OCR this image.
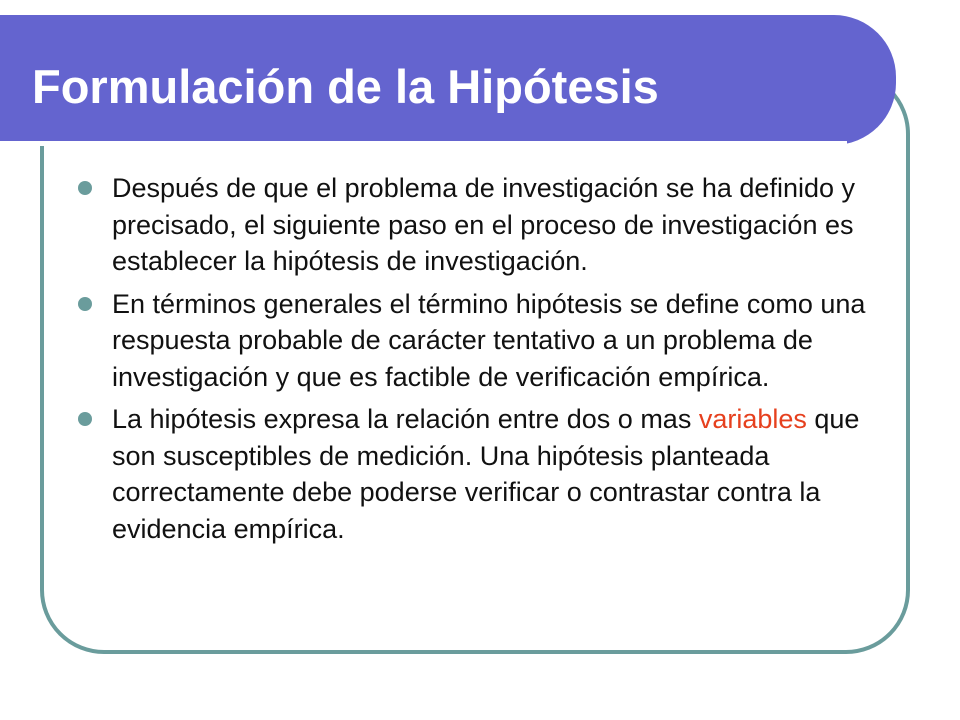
Formulación de la Hipótesis
Después de que el problema de investigación se ha definido y precisado, el siguiente paso en el proceso de investigación es establecer la hipótesis de investigación.
En términos generales el término hipótesis se define como una respuesta probable de carácter tentativo a un problema de investigación y que es factible de verificación empírica.
La hipótesis expresa la relación entre dos o mas variables que son susceptibles de medición. Una hipótesis planteada correctamente debe poderse verificar o contrastar contra la evidencia empírica.
